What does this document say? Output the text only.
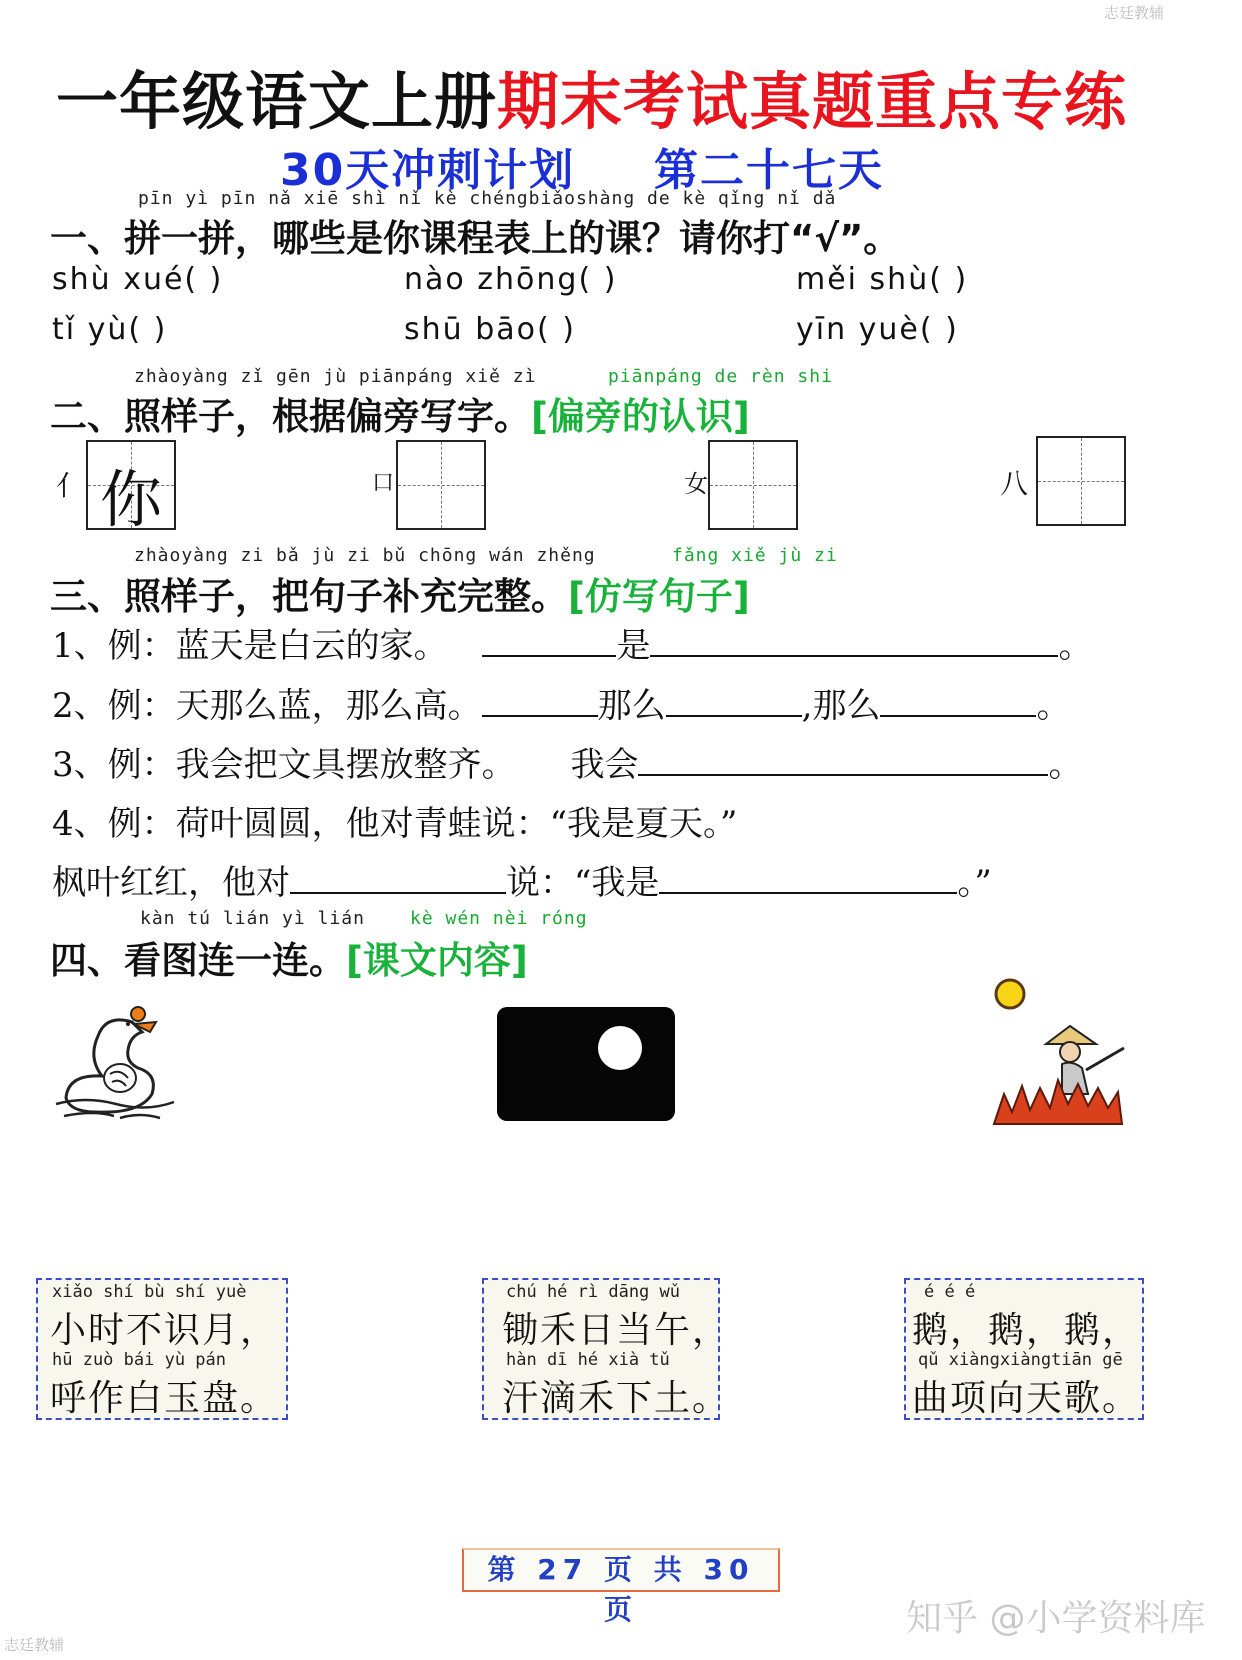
志廷教辅
志廷教辅
一年级语文上册期末考试真题重点专练
30天冲刺计划 第二十七天
pīn yì pīn nǎ xiē shì nǐ kè chéngbiǎoshàng de kè qǐng nǐ dǎ
一、拼一拼，哪些是你课程表上的课？请你打“√”。
shù xué( )	nào zhōng( )	měi shù( )
tǐ yù( )	shū bāo( )	yīn yuè( )
zhàoyàng zǐ gēn jù piānpáng xiě zì	piānpáng de rèn shi
二、照样子，根据偏旁写字。[偏旁的认识]
亻 你	口	女	八
zhàoyàng zi bǎ jù zi bǔ chōng wán zhěng	fǎng xiě jù zi
三、照样子，把句子补充完整。[仿写句子]
1、例：蓝天是白云的家。	是	。
2、例：天那么蓝，那么高。	那么	,那么	。
3、例：我会把文具摆放整齐。 我会	。
4、例：荷叶圆圆，他对青蛙说：“我是夏天。”
枫叶红红，他对	说：“我是	。”
kàn tú lián yì lián	kè wén nèi róng
四、看图连一连。[课文内容]
xiǎo shí bù shí yuè
小时不识月，
hū zuò bái yù pán
呼作白玉盘。
chú hé rì dāng wǔ
锄禾日当午，
hàn dī hé xià tǔ
汗滴禾下土。
é é é
鹅，鹅，鹅，
qǔ xiàngxiàngtiān gē
曲项向天歌。
第 27 页 共 30 页	知乎 @小学资料库
